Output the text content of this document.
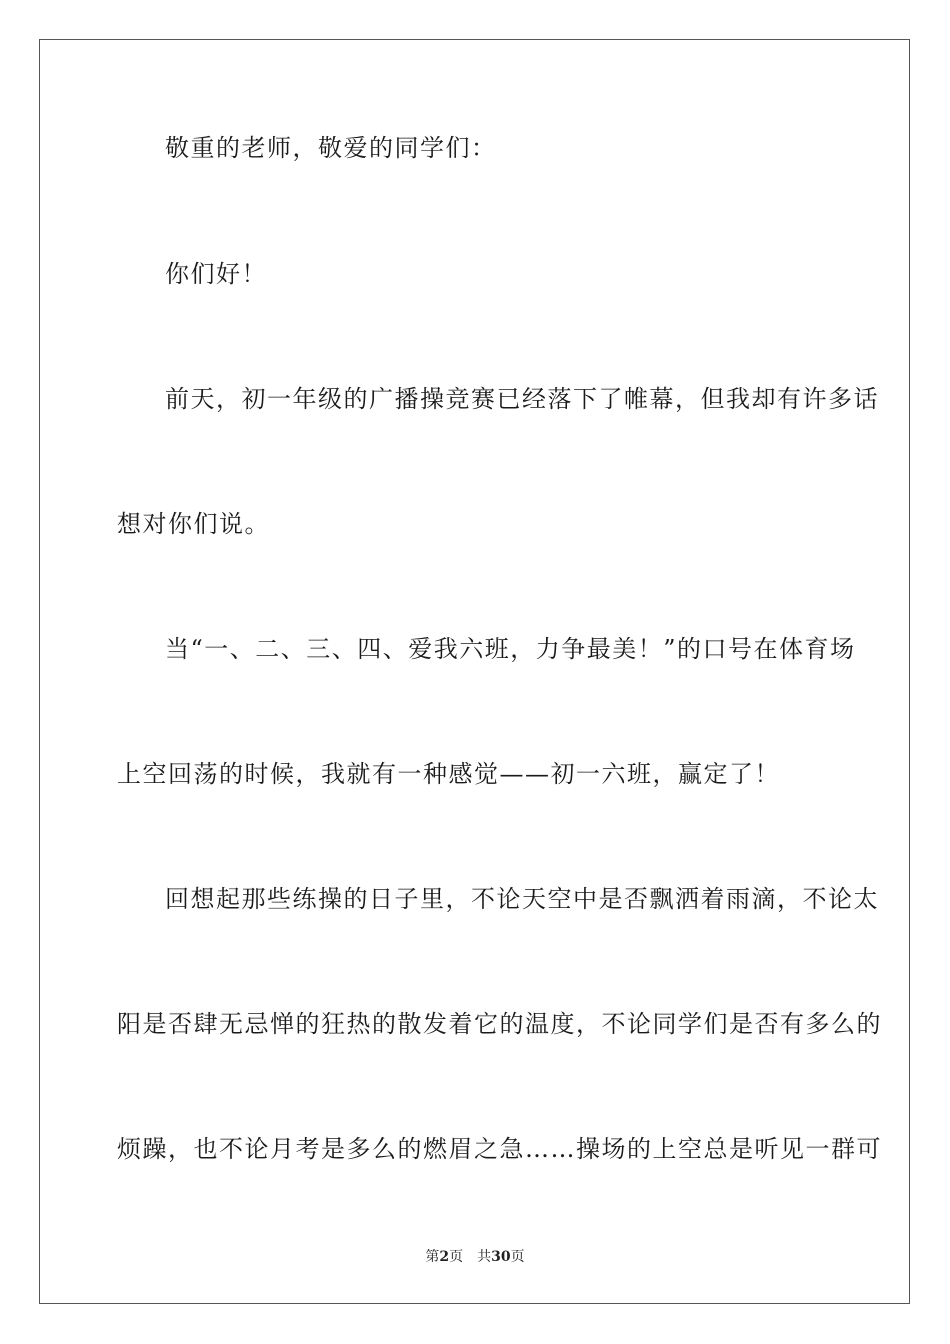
敬重的老师，敬爱的同学们：
你们好！
前天，初一年级的广播操竞赛已经落下了帷幕，但我却有许多话
想对你们说。
当“一、二、三、四、爱我六班，力争最美！”的口号在体育场
上空回荡的时候，我就有一种感觉——初一六班，赢定了！
回想起那些练操的日子里，不论天空中是否飘洒着雨滴，不论太
阳是否肆无忌惮的狂热的散发着它的温度，不论同学们是否有多么的
烦躁，也不论月考是多么的燃眉之急……操场的上空总是听见一群可
第2页 共30页
